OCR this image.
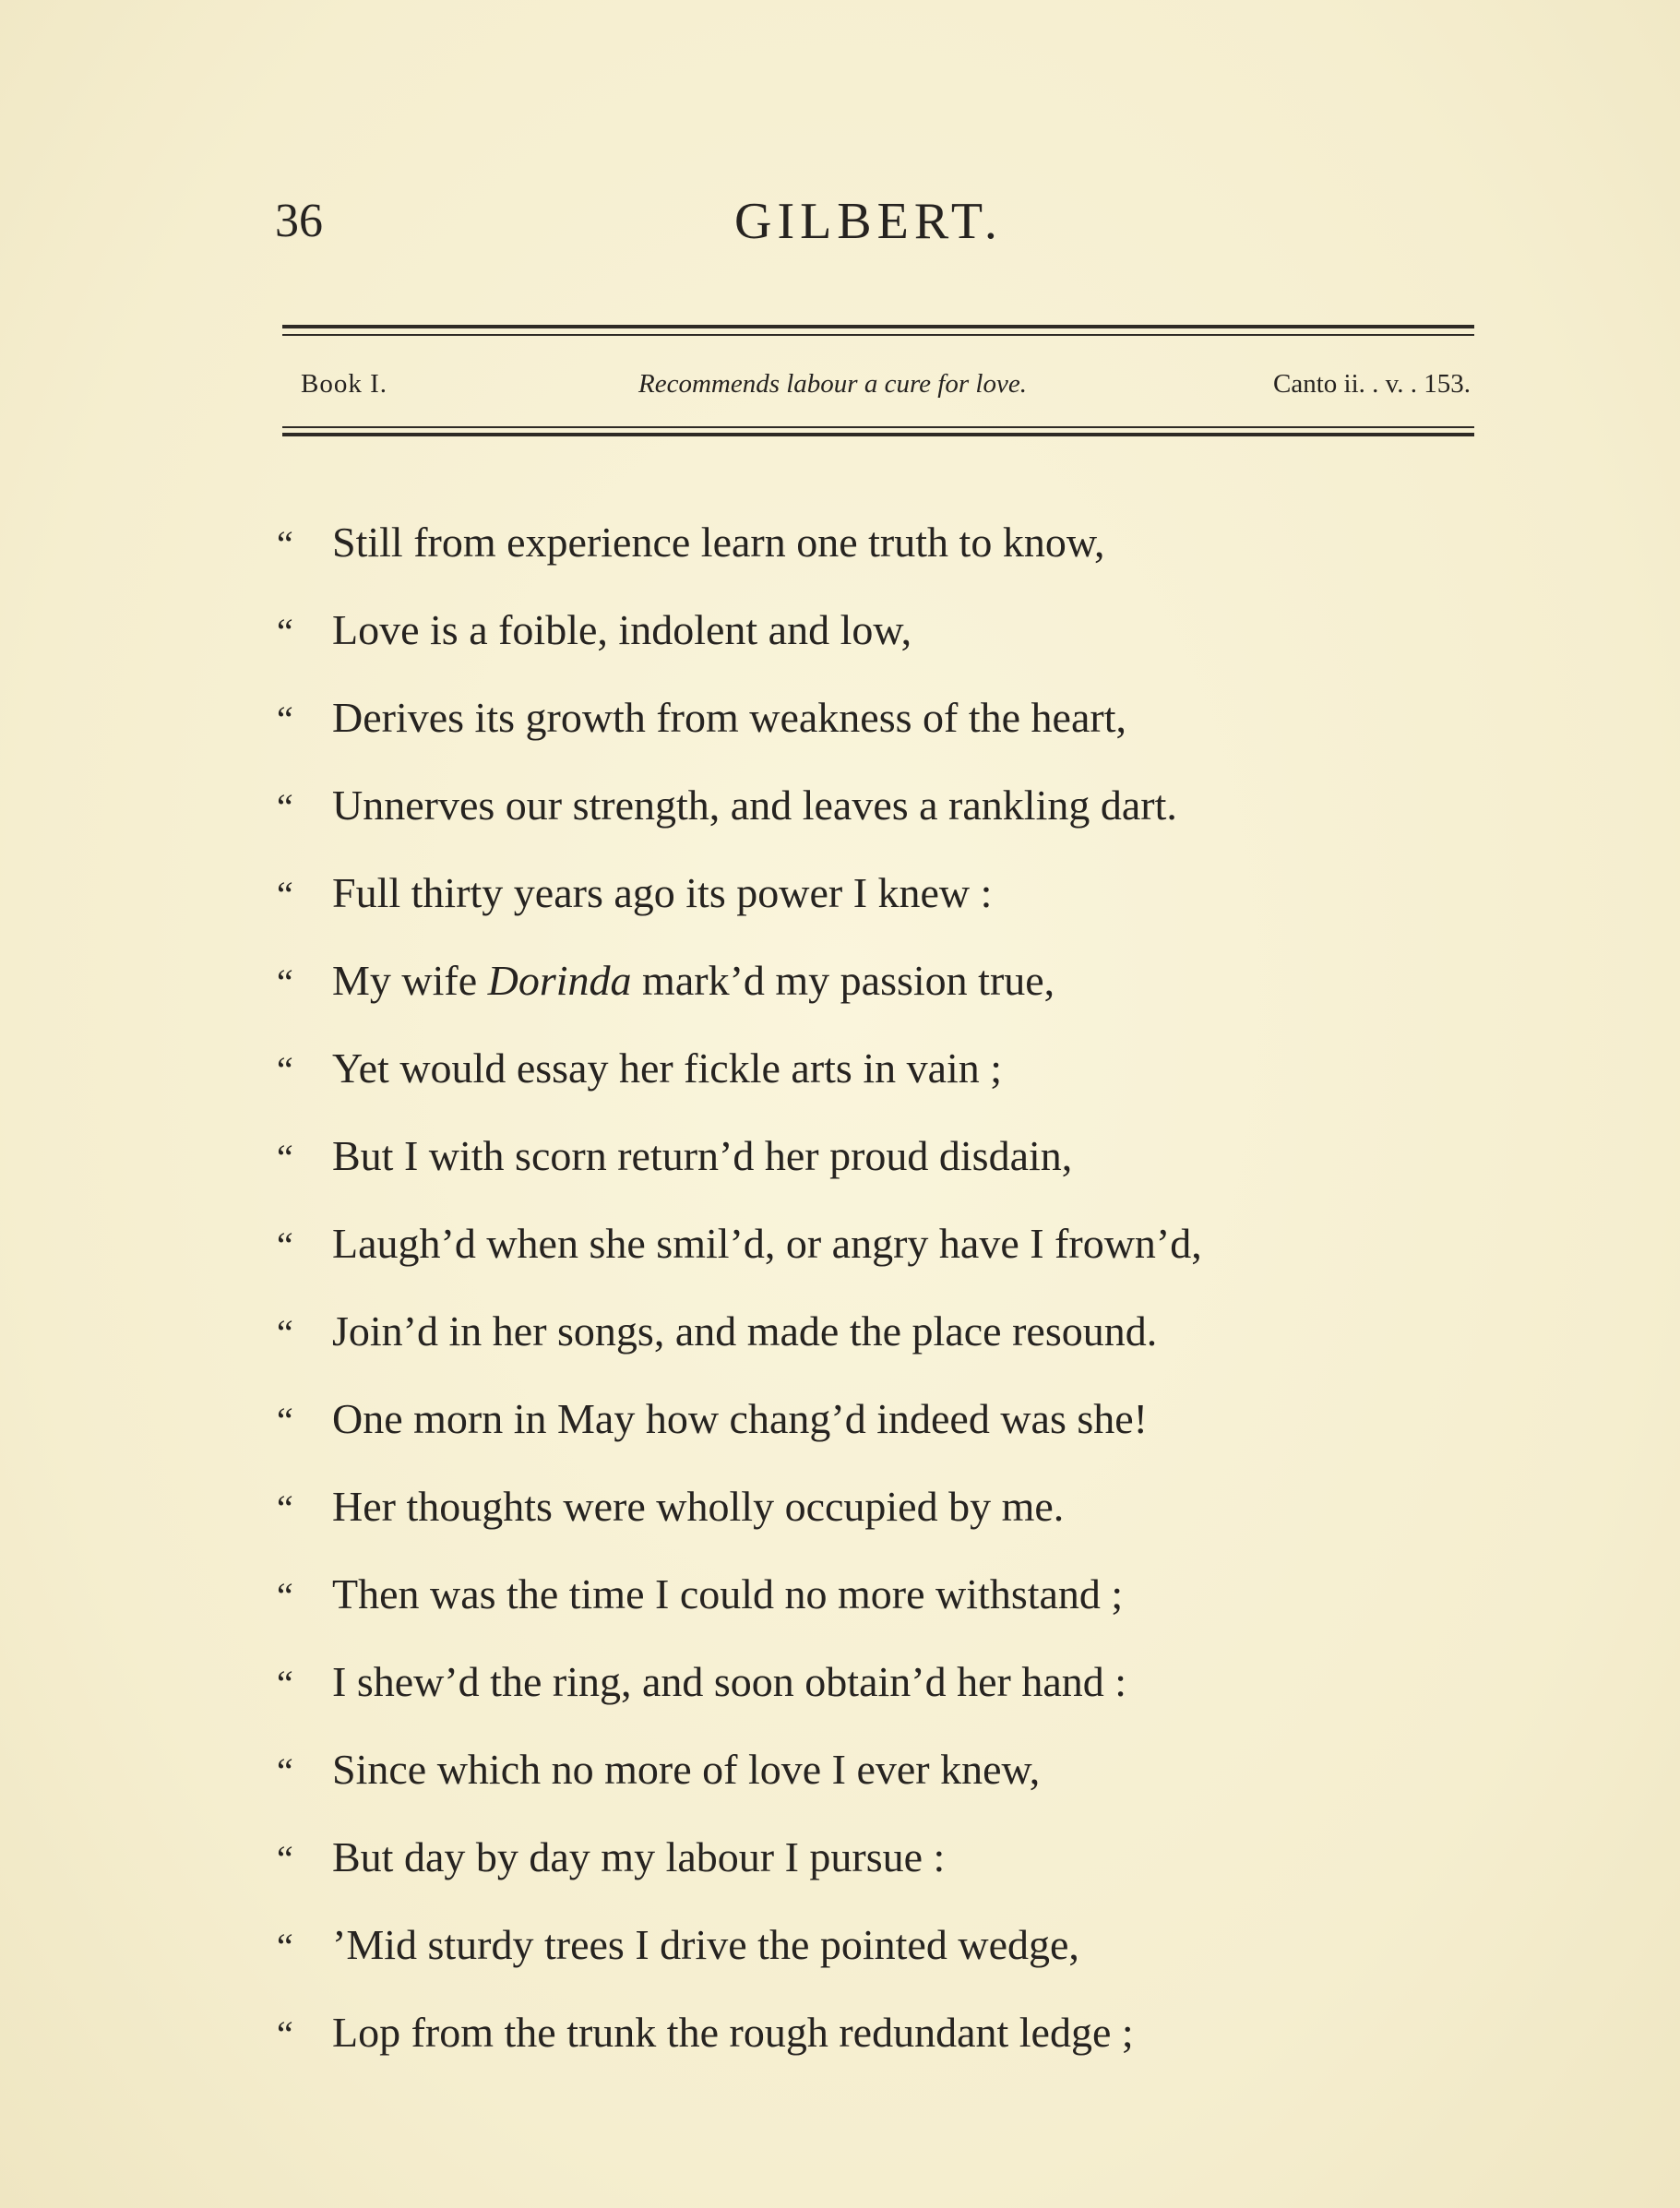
36	GILBERT.
Book I.	Recommends labour a cure for love.	Canto ii. . v. . 153.
“ Still from experience learn one truth to know,
“ Love is a foible, indolent and low,
“ Derives its growth from weakness of the heart,
“ Unnerves our strength, and leaves a rankling dart.
“ Full thirty years ago its power I knew :
“ My wife Dorinda mark’d my passion true,
“ Yet would essay her fickle arts in vain ;
“ But I with scorn return’d her proud disdain,
“ Laugh’d when she smil’d, or angry have I frown’d,
“ Join’d in her songs, and made the place resound.
“ One morn in May how chang’d indeed was she!
“ Her thoughts were wholly occupied by me.
“ Then was the time I could no more withstand ;
“ I shew’d the ring, and soon obtain’d her hand :
“ Since which no more of love I ever knew,
“ But day by day my labour I pursue :
“ ’Mid sturdy trees I drive the pointed wedge,
“ Lop from the trunk the rough redundant ledge ;
